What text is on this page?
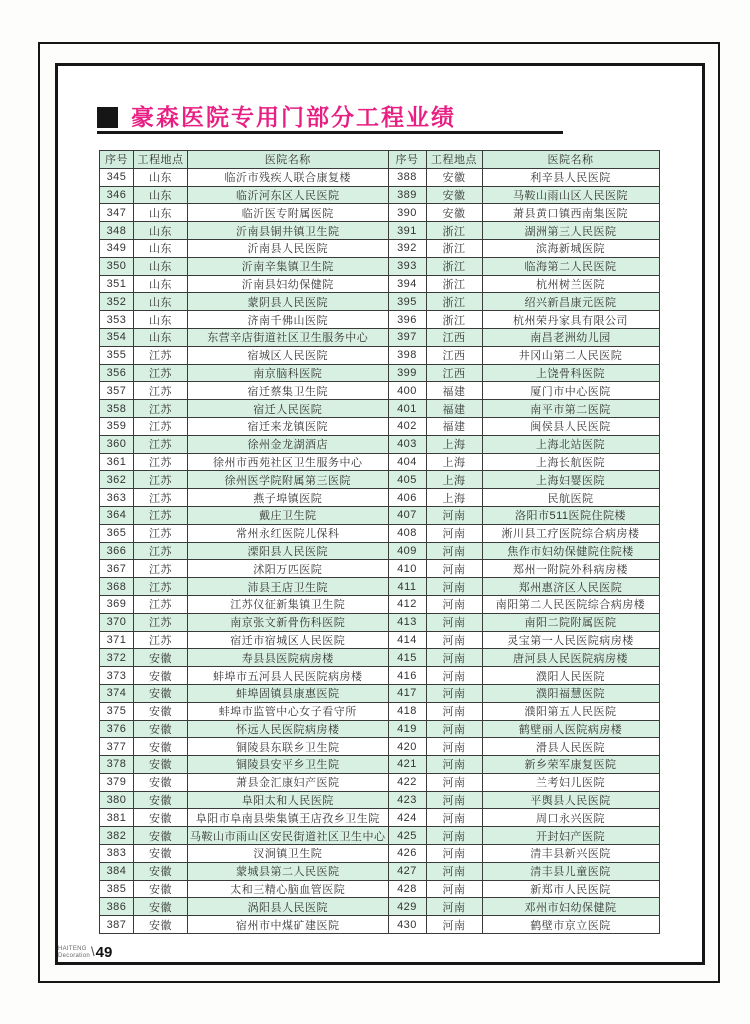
豪森医院专用门部分工程业绩
序号	工程地点	医院名称	序号	工程地点	医院名称
345	山东	临沂市残疾人联合康复楼	388	安徽	利辛县人民医院
346	山东	临沂河东区人民医院	389	安徽	马鞍山雨山区人民医院
347	山东	临沂医专附属医院	390	安徽	萧县黄口镇西南集医院
348	山东	沂南县铜井镇卫生院	391	浙江	湖洲第三人民医院
349	山东	沂南县人民医院	392	浙江	滨海新城医院
350	山东	沂南辛集镇卫生院	393	浙江	临海第二人民医院
351	山东	沂南县妇幼保健院	394	浙江	杭州树兰医院
352	山东	蒙阴县人民医院	395	浙江	绍兴新昌康元医院
353	山东	济南千佛山医院	396	浙江	杭州荣丹家具有限公司
354	山东	东营辛店街道社区卫生服务中心	397	江西	南昌老洲幼儿园
355	江苏	宿城区人民医院	398	江西	井冈山第二人民医院
356	江苏	南京脑科医院	399	江西	上饶骨科医院
357	江苏	宿迁蔡集卫生院	400	福建	厦门市中心医院
358	江苏	宿迁人民医院	401	福建	南平市第二医院
359	江苏	宿迁来龙镇医院	402	福建	闽侯县人民医院
360	江苏	徐州金龙湖酒店	403	上海	上海北站医院
361	江苏	徐州市西苑社区卫生服务中心	404	上海	上海长航医院
362	江苏	徐州医学院附属第三医院	405	上海	上海妇婴医院
363	江苏	燕子埠镇医院	406	上海	民航医院
364	江苏	戴庄卫生院	407	河南	洛阳市511医院住院楼
365	江苏	常州永红医院儿保科	408	河南	淅川县工疗医院综合病房楼
366	江苏	溧阳县人民医院	409	河南	焦作市妇幼保健院住院楼
367	江苏	沭阳万匹医院	410	河南	郑州一附院外科病房楼
368	江苏	沛县王店卫生院	411	河南	郑州惠济区人民医院
369	江苏	江苏仪征新集镇卫生院	412	河南	南阳第二人民医院综合病房楼
370	江苏	南京张文新骨伤科医院	413	河南	南阳二院附属医院
371	江苏	宿迁市宿城区人民医院	414	河南	灵宝第一人民医院病房楼
372	安徽	寿县县医院病房楼	415	河南	唐河县人民医院病房楼
373	安徽	蚌埠市五河县人民医院病房楼	416	河南	濮阳人民医院
374	安徽	蚌埠固镇县康惠医院	417	河南	濮阳福慧医院
375	安徽	蚌埠市监管中心女子看守所	418	河南	濮阳第五人民医院
376	安徽	怀远人民医院病房楼	419	河南	鹤壁丽人医院病房楼
377	安徽	铜陵县东联乡卫生院	420	河南	滑县人民医院
378	安徽	铜陵县安平乡卫生院	421	河南	新乡荣军康复医院
379	安徽	萧县金汇康妇产医院	422	河南	兰考妇儿医院
380	安徽	阜阳太和人民医院	423	河南	平舆县人民医院
381	安徽	阜阳市阜南县柴集镇王店孜乡卫生院	424	河南	周口永兴医院
382	安徽	马鞍山市雨山区安民街道社区卫生中心	425	河南	开封妇产医院
383	安徽	汊涧镇卫生院	426	河南	清丰县新兴医院
384	安徽	蒙城县第二人民医院	427	河南	清丰县儿童医院
385	安徽	太和三精心脑血管医院	428	河南	新郑市人民医院
386	安徽	涡阳县人民医院	429	河南	邓州市妇幼保健院
387	安徽	宿州市中煤矿建医院	430	河南	鹤壁市京立医院
HAITENG
Decoration \ 49
